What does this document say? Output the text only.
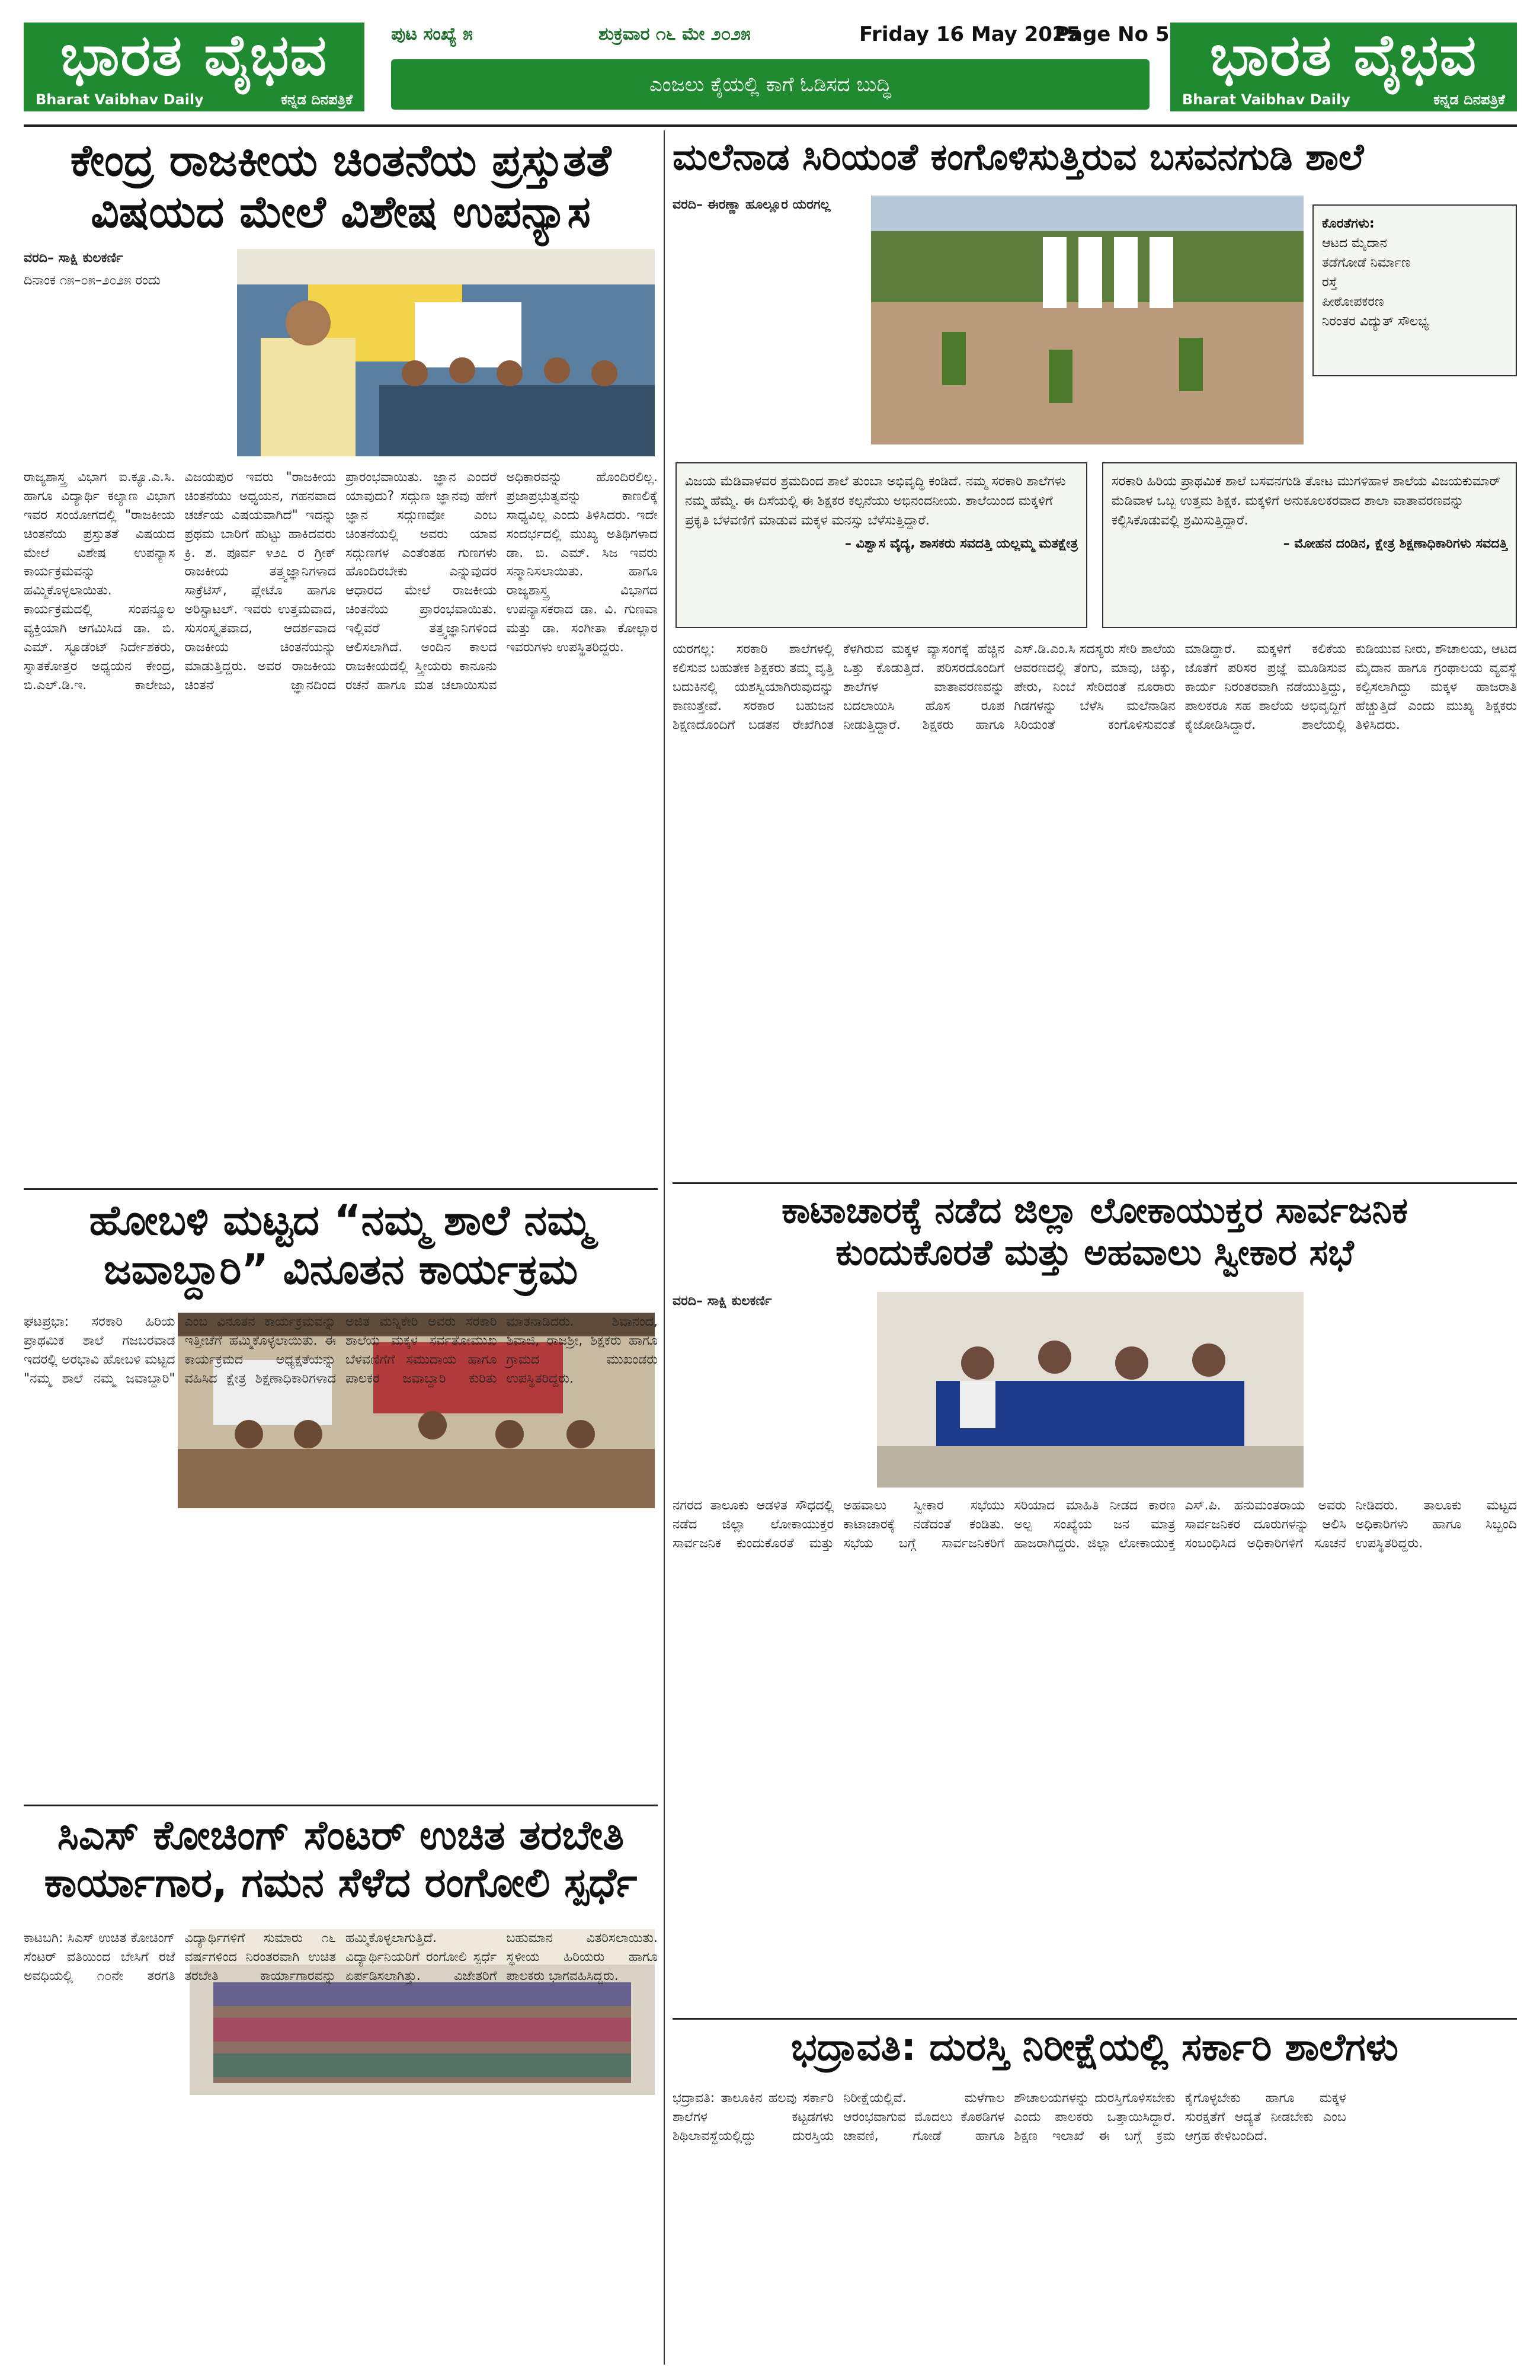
ಭಾರತ ವೈಭವ
Bharat Vaibhav Daily	ಕನ್ನಡ ದಿನಪತ್ರಿಕೆ
ಪುಟ ಸಂಖ್ಯೆ ೫	ಶುಕ್ರವಾರ ೧೬ ಮೇ ೨೦೨೫	Friday 16 May 2025
Page No 5
ಎಂಜಲು ಕೈಯಲ್ಲಿ ಕಾಗೆ ಓಡಿಸದ ಬುದ್ಧಿ	ಭಾರತ ವೈಭವ
Bharat Vaibhav Daily	ಕನ್ನಡ ದಿನಪತ್ರಿಕೆ
ಕೇಂದ್ರ ರಾಜಕೀಯ ಚಿಂತನೆಯ ಪ್ರಸ್ತುತತೆ
ವಿಷಯದ ಮೇಲೆ ವಿಶೇಷ ಉಪನ್ಯಾಸ

ವರದಿ– ಸಾಕ್ಷಿ ಕುಲಕರ್ಣಿ

ದಿನಾಂಕ ೧೫–೦೫–೨೦೨೫ ರಂದು

ರಾಜ್ಯಶಾಸ್ತ್ರ ವಿಭಾಗ ಐ.ಕ್ಯೂ.ಎ.ಸಿ. ಹಾಗೂ ವಿದ್ಯಾರ್ಥಿ ಕಲ್ಯಾಣ ವಿಭಾಗ ಇವರ ಸಂಯೋಗದಲ್ಲಿ "ರಾಜಕೀಯ ಚಿಂತನೆಯ ಪ್ರಸ್ತುತತೆ ವಿಷಯದ ಮೇಲೆ ವಿಶೇಷ ಉಪನ್ಯಾಸ ಕಾರ್ಯಕ್ರಮವನ್ನು ಹಮ್ಮಿಕೊಳ್ಳಲಾಯಿತು. ಕಾರ್ಯಕ್ರಮದಲ್ಲಿ ಸಂಪನ್ಮೂಲ ವ್ಯಕ್ತಿಯಾಗಿ ಆಗಮಿಸಿದ ಡಾ. ಬಿ. ಎಮ್. ಸ್ಟೂಡೆಂಟ್ ನಿರ್ದೇಶಕರು, ಸ್ನಾತಕೋತ್ತರ ಅಧ್ಯಯನ ಕೇಂದ್ರ, ಬಿ.ಎಲ್.ಡಿ.ಇ. ಕಾಲೇಜು, ವಿಜಯಪುರ ಇವರು "ರಾಜಕೀಯ ಚಿಂತನೆಯು ಅಧ್ಯಯನ, ಗಹನವಾದ ಚರ್ಚೆಯ ವಿಷಯವಾಗಿದೆ" ಇದನ್ನು ಪ್ರಥಮ ಬಾರಿಗೆ ಹುಟ್ಟು ಹಾಕಿದವರು ಕ್ರಿ. ಶ. ಪೂರ್ವ ೪೨೭ ರ ಗ್ರೀಕ್ ರಾಜಕೀಯ ತತ್ತ್ವಜ್ಞಾನಿಗಳಾದ ಸಾಕ್ರೆಟಿಸ್, ಪ್ಲೇಟೊ ಹಾಗೂ ಅರಿಸ್ಟಾಟಲ್. ಇವರು ಉತ್ತಮವಾದ, ಸುಸಂಸ್ಕೃತವಾದ, ಆದರ್ಶವಾದ ರಾಜಕೀಯ ಚಿಂತನೆಯನ್ನು ಮಾಡುತ್ತಿದ್ದರು. ಅವರ ರಾಜಕೀಯ ಚಿಂತನೆ ಜ್ಞಾನದಿಂದ ಪ್ರಾರಂಭವಾಯಿತು. ಜ್ಞಾನ ಎಂದರೆ ಯಾವುದು? ಸದ್ಗುಣ ಜ್ಞಾನವು ಹೇಗೆ ಜ್ಞಾನ ಸದ್ಗುಣವೋ ಎಂಬ ಚಿಂತನೆಯಲ್ಲಿ ಅವರು ಯಾವ ಸದ್ಗುಣಗಳ ಎಂತೆಂತಹ ಗುಣಗಳು ಹೊಂದಿರಬೇಕು ಎನ್ನುವುದರ ಆಧಾರದ ಮೇಲೆ ರಾಜಕೀಯ ಚಿಂತನೆಯ ಪ್ರಾರಂಭವಾಯಿತು. ಇಲ್ಲಿವರೆ ತತ್ತ್ವಜ್ಞಾನಿಗಳಿಂದ ಆಲಿಸಲಾಗಿದೆ. ಅಂದಿನ ಕಾಲದ ರಾಜಕೀಯದಲ್ಲಿ ಸ್ತ್ರೀಯರು ಕಾನೂನು ರಚನೆ ಹಾಗೂ ಮತ ಚಲಾಯಿಸುವ ಅಧಿಕಾರವನ್ನು ಹೊಂದಿರಲಿಲ್ಲ. ಪ್ರಜಾಪ್ರಭುತ್ವವನ್ನು ಕಾಣಲಿಕ್ಕೆ ಸಾಧ್ಯವಿಲ್ಲ ಎಂದು ತಿಳಿಸಿದರು. ಇದೇ ಸಂದರ್ಭದಲ್ಲಿ ಮುಖ್ಯ ಅತಿಥಿಗಳಾದ ಡಾ. ಬಿ. ಎಮ್. ಸಿಜ ಇವರು ಸನ್ಮಾನಿಸಲಾಯಿತು. ಹಾಗೂ ರಾಜ್ಯಶಾಸ್ತ್ರ ವಿಭಾಗದ ಉಪನ್ಯಾಸಕರಾದ ಡಾ. ವಿ. ಗುಣವಾ ಮತ್ತು ಡಾ. ಸಂಗೀತಾ ಕೋಲ್ಲಾರ ಇವರುಗಳು ಉಪಸ್ಥಿತರಿದ್ದರು.
ಹೋಬಳಿ ಮಟ್ಟದ “ನಮ್ಮ ಶಾಲೆ ನಮ್ಮ
ಜವಾಬ್ದಾರಿ” ವಿನೂತನ ಕಾರ್ಯಕ್ರಮ
ಘಟಪ್ರಭಾ: ಸರಕಾರಿ ಹಿರಿಯ ಪ್ರಾಥಮಿಕ ಶಾಲೆ ಗಜಬರವಾಡ ಇದರಲ್ಲಿ ಅರಭಾವಿ ಹೋಬಳಿ ಮಟ್ಟದ "ನಮ್ಮ ಶಾಲೆ ನಮ್ಮ ಜವಾಬ್ದಾರಿ" ಎಂಬ ವಿನೂತನ ಕಾರ್ಯಕ್ರಮವನ್ನು ಇತ್ತೀಚೆಗೆ ಹಮ್ಮಿಕೊಳ್ಳಲಾಯಿತು. ಈ ಕಾರ್ಯಕ್ರಮದ ಅಧ್ಯಕ್ಷತೆಯನ್ನು ವಹಿಸಿದ ಕ್ಷೇತ್ರ ಶಿಕ್ಷಣಾಧಿಕಾರಿಗಳಾದ ಅಜಿತ ಮನ್ನಿಕೇರಿ ಅವರು ಸರಕಾರಿ ಶಾಲೆಯ ಮಕ್ಕಳ ಸರ್ವತೋಮುಖ ಬೆಳವಣಿಗೆಗೆ ಸಮುದಾಯ ಹಾಗೂ ಪಾಲಕರ ಜವಾಬ್ದಾರಿ ಕುರಿತು ಮಾತನಾಡಿದರು. ಶಿವಾನಂದ, ಶಿವಾಜಿ, ರಾಜಶ್ರೀ, ಶಿಕ್ಷಕರು ಹಾಗೂ ಗ್ರಾಮದ ಮುಖಂಡರು ಉಪಸ್ಥಿತರಿದ್ದರು.
ಸಿಎಸ್ ಕೋಚಿಂಗ್ ಸೆಂಟರ್ ಉಚಿತ ತರಬೇತಿ
ಕಾರ್ಯಾಗಾರ, ಗಮನ ಸೆಳೆದ ರಂಗೋಲಿ ಸ್ಪರ್ಧೆ
ಕಾಟಬಗಿ: ಸಿಎಸ್ ಉಚಿತ ಕೋಚಿಂಗ್ ಸೆಂಟರ್ ವತಿಯಿಂದ ಬೇಸಿಗೆ ರಜೆ ಅವಧಿಯಲ್ಲಿ ೧೦ನೇ ತರಗತಿ ವಿದ್ಯಾರ್ಥಿಗಳಿಗೆ ಸುಮಾರು ೧೬ ವರ್ಷಗಳಿಂದ ನಿರಂತರವಾಗಿ ಉಚಿತ ತರಬೇತಿ ಕಾರ್ಯಾಗಾರವನ್ನು ಹಮ್ಮಿಕೊಳ್ಳಲಾಗುತ್ತಿದೆ. ವಿದ್ಯಾರ್ಥಿನಿಯರಿಗೆ ರಂಗೋಲಿ ಸ್ಪರ್ಧೆ ಏರ್ಪಡಿಸಲಾಗಿತ್ತು. ವಿಜೇತರಿಗೆ ಬಹುಮಾನ ವಿತರಿಸಲಾಯಿತು. ಸ್ಥಳೀಯ ಹಿರಿಯರು ಹಾಗೂ ಪಾಲಕರು ಭಾಗವಹಿಸಿದ್ದರು.
ಮಲೆನಾಡ ಸಿರಿಯಂತೆ ಕಂಗೊಳಿಸುತ್ತಿರುವ ಬಸವನಗುಡಿ ಶಾಲೆ

ವರದಿ– ಈರಣ್ಣಾ ಹೂಲ್ಲೂರ ಯರಗಲ್ಲ

ಕೊರತೆಗಳು:
ಆಟದ ಮೈದಾನ
ತಡೆಗೋಡೆ ನಿರ್ಮಾಣ
ರಸ್ತೆ
ಪೀಠೋಪಕರಣ
ನಿರಂತರ ವಿದ್ಯುತ್ ಸೌಲಭ್ಯ
ವಿಜಯ ಮೆಡಿವಾಳವರ ಶ್ರಮದಿಂದ ಶಾಲೆ ತುಂಬಾ ಅಭಿವೃದ್ಧಿ ಕಂಡಿದೆ. ನಮ್ಮ ಸರಕಾರಿ ಶಾಲೆಗಳು ನಮ್ಮ ಹೆಮ್ಮೆ. ಈ ದಿಸೆಯಲ್ಲಿ ಈ ಶಿಕ್ಷಕರ ಕಲ್ಪನೆಯು ಅಭಿನಂದನೀಯ. ಶಾಲೆಯಿಂದ ಮಕ್ಕಳಿಗೆ ಪ್ರಕೃತಿ ಬೆಳವಣಿಗೆ ಮಾಡುವ ಮಕ್ಕಳ ಮನಸ್ಸು ಬೆಳೆಸುತ್ತಿದ್ದಾರೆ.
– ವಿಶ್ವಾಸ ವೈದ್ಯ, ಶಾಸಕರು ಸವದತ್ತಿ ಯಲ್ಲಮ್ಮ ಮತಕ್ಷೇತ್ರ
ಸರಕಾರಿ ಹಿರಿಯ ಪ್ರಾಥಮಿಕ ಶಾಲೆ ಬಸವನಗುಡಿ ತೋಟ ಮುಗಳಿಹಾಳ ಶಾಲೆಯ ವಿಜಯಕುಮಾರ್ ಮೆಡಿವಾಳ ಒಬ್ಬ ಉತ್ತಮ ಶಿಕ್ಷಕ. ಮಕ್ಕಳಿಗೆ ಅನುಕೂಲಕರವಾದ ಶಾಲಾ ವಾತಾವರಣವನ್ನು ಕಲ್ಪಿಸಿಕೊಡುವಲ್ಲಿ ಶ್ರಮಿಸುತ್ತಿದ್ದಾರೆ.
– ಮೋಹನ ದಂಡಿನ, ಕ್ಷೇತ್ರ ಶಿಕ್ಷಣಾಧಿಕಾರಿಗಳು ಸವದತ್ತಿ
ಯರಗಲ್ಲ: ಸರಕಾರಿ ಶಾಲೆಗಳಲ್ಲಿ ಕಲಿಸುವ ಬಹುತೇಕ ಶಿಕ್ಷಕರು ತಮ್ಮ ವೃತ್ತಿ ಬದುಕಿನಲ್ಲಿ ಯಶಸ್ವಿಯಾಗಿರುವುದನ್ನು ಕಾಣುತ್ತೇವೆ. ಸರಕಾರ ಬಹುಜನ ಶಿಕ್ಷಣದೊಂದಿಗೆ ಬಡತನ ರೇಖೆಗಿಂತ ಕೆಳಗಿರುವ ಮಕ್ಕಳ ವ್ಯಾಸಂಗಕ್ಕೆ ಹೆಚ್ಚಿನ ಒತ್ತು ಕೊಡುತ್ತಿದೆ. ಪರಿಸರದೊಂದಿಗೆ ಶಾಲೆಗಳ ವಾತಾವರಣವನ್ನು ಬದಲಾಯಿಸಿ ಹೊಸ ರೂಪ ನೀಡುತ್ತಿದ್ದಾರೆ. ಶಿಕ್ಷಕರು ಹಾಗೂ ಎಸ್.ಡಿ.ಎಂ.ಸಿ ಸದಸ್ಯರು ಸೇರಿ ಶಾಲೆಯ ಆವರಣದಲ್ಲಿ ತೆಂಗು, ಮಾವು, ಚಿಕ್ಕು, ಪೇರು, ನಿಂಬೆ ಸೇರಿದಂತೆ ನೂರಾರು ಗಿಡಗಳನ್ನು ಬೆಳೆಸಿ ಮಲೆನಾಡಿನ ಸಿರಿಯಂತೆ ಕಂಗೊಳಿಸುವಂತೆ ಮಾಡಿದ್ದಾರೆ. ಮಕ್ಕಳಿಗೆ ಕಲಿಕೆಯ ಜೊತೆಗೆ ಪರಿಸರ ಪ್ರಜ್ಞೆ ಮೂಡಿಸುವ ಕಾರ್ಯ ನಿರಂತರವಾಗಿ ನಡೆಯುತ್ತಿದ್ದು, ಪಾಲಕರೂ ಸಹ ಶಾಲೆಯ ಅಭಿವೃದ್ಧಿಗೆ ಕೈಜೋಡಿಸಿದ್ದಾರೆ. ಶಾಲೆಯಲ್ಲಿ ಕುಡಿಯುವ ನೀರು, ಶೌಚಾಲಯ, ಆಟದ ಮೈದಾನ ಹಾಗೂ ಗ್ರಂಥಾಲಯ ವ್ಯವಸ್ಥೆ ಕಲ್ಪಿಸಲಾಗಿದ್ದು ಮಕ್ಕಳ ಹಾಜರಾತಿ ಹೆಚ್ಚುತ್ತಿದೆ ಎಂದು ಮುಖ್ಯ ಶಿಕ್ಷಕರು ತಿಳಿಸಿದರು.
ಕಾಟಾಚಾರಕ್ಕೆ ನಡೆದ ಜಿಲ್ಲಾ ಲೋಕಾಯುಕ್ತರ ಸಾರ್ವಜನಿಕ
ಕುಂದುಕೊರತೆ ಮತ್ತು ಅಹವಾಲು ಸ್ವೀಕಾರ ಸಭೆ

ವರದಿ– ಸಾಕ್ಷಿ ಕುಲಕರ್ಣಿ

ನಗರದ ತಾಲೂಕು ಆಡಳಿತ ಸೌಧದಲ್ಲಿ ನಡೆದ ಜಿಲ್ಲಾ ಲೋಕಾಯುಕ್ತರ ಸಾರ್ವಜನಿಕ ಕುಂದುಕೊರತೆ ಮತ್ತು ಅಹವಾಲು ಸ್ವೀಕಾರ ಸಭೆಯು ಕಾಟಾಚಾರಕ್ಕೆ ನಡೆದಂತೆ ಕಂಡಿತು. ಸಭೆಯ ಬಗ್ಗೆ ಸಾರ್ವಜನಿಕರಿಗೆ ಸರಿಯಾದ ಮಾಹಿತಿ ನೀಡದ ಕಾರಣ ಅಲ್ಪ ಸಂಖ್ಯೆಯ ಜನ ಮಾತ್ರ ಹಾಜರಾಗಿದ್ದರು. ಜಿಲ್ಲಾ ಲೋಕಾಯುಕ್ತ ಎಸ್.ಪಿ. ಹನುಮಂತರಾಯ ಅವರು ಸಾರ್ವಜನಿಕರ ದೂರುಗಳನ್ನು ಆಲಿಸಿ ಸಂಬಂಧಿಸಿದ ಅಧಿಕಾರಿಗಳಿಗೆ ಸೂಚನೆ ನೀಡಿದರು. ತಾಲೂಕು ಮಟ್ಟದ ಅಧಿಕಾರಿಗಳು ಹಾಗೂ ಸಿಬ್ಬಂದಿ ಉಪಸ್ಥಿತರಿದ್ದರು.
ಭದ್ರಾವತಿ: ದುರಸ್ತಿ ನಿರೀಕ್ಷೆಯಲ್ಲಿ ಸರ್ಕಾರಿ ಶಾಲೆಗಳು
ಭದ್ರಾವತಿ: ತಾಲೂಕಿನ ಹಲವು ಸರ್ಕಾರಿ ಶಾಲೆಗಳ ಕಟ್ಟಡಗಳು ಶಿಥಿಲಾವಸ್ಥೆಯಲ್ಲಿದ್ದು ದುರಸ್ತಿಯ ನಿರೀಕ್ಷೆಯಲ್ಲಿವೆ. ಮಳೆಗಾಲ ಆರಂಭವಾಗುವ ಮೊದಲು ಕೊಠಡಿಗಳ ಚಾವಣಿ, ಗೋಡೆ ಹಾಗೂ ಶೌಚಾಲಯಗಳನ್ನು ದುರಸ್ತಿಗೊಳಿಸಬೇಕು ಎಂದು ಪಾಲಕರು ಒತ್ತಾಯಿಸಿದ್ದಾರೆ. ಶಿಕ್ಷಣ ಇಲಾಖೆ ಈ ಬಗ್ಗೆ ಕ್ರಮ ಕೈಗೊಳ್ಳಬೇಕು ಹಾಗೂ ಮಕ್ಕಳ ಸುರಕ್ಷತೆಗೆ ಆದ್ಯತೆ ನೀಡಬೇಕು ಎಂಬ ಆಗ್ರಹ ಕೇಳಿಬಂದಿದೆ.
